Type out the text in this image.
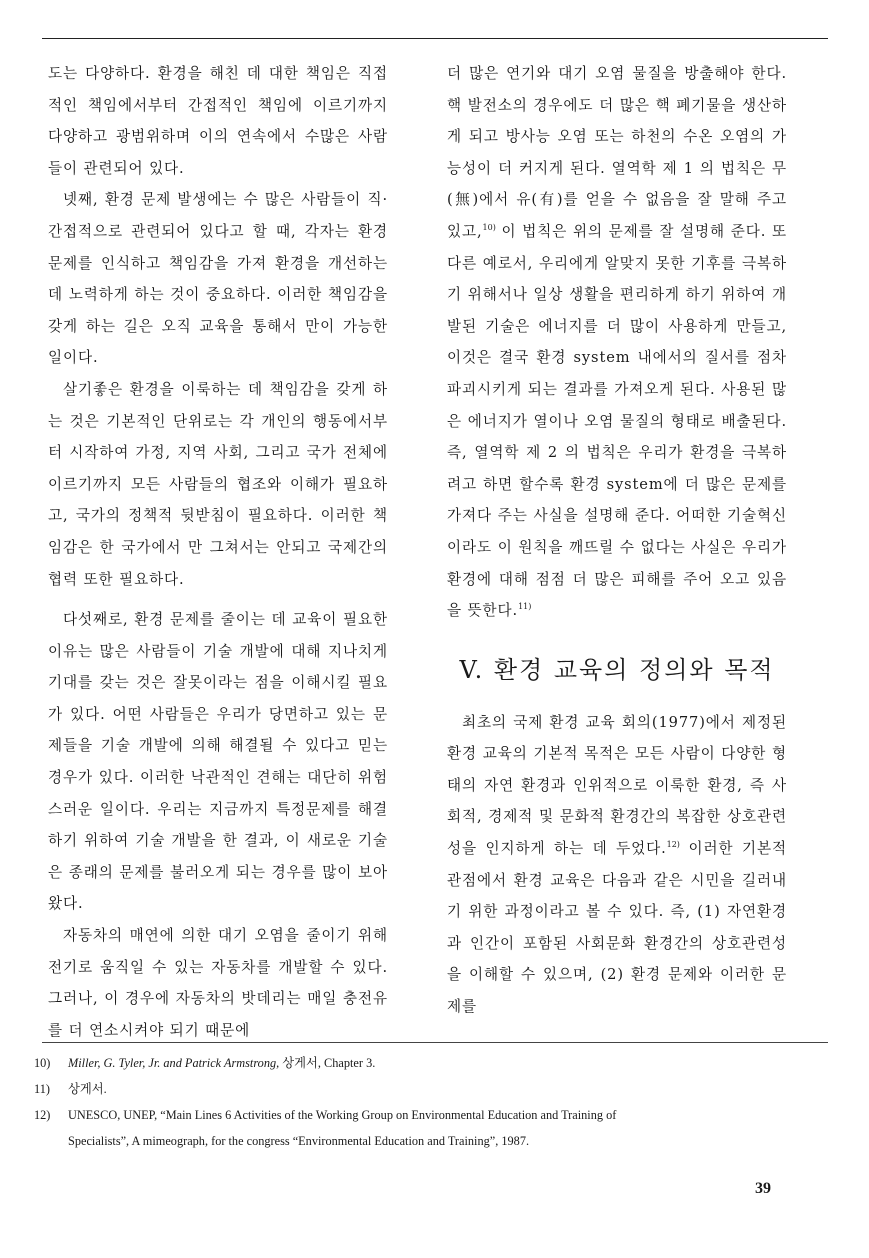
도는 다양하다. 환경을 해친 데 대한 책임은 직접적인 책임에서부터 간접적인 책임에 이르기까지 다양하고 광범위하며 이의 연속에서 수많은 사람들이 관련되어 있다.

넷째, 환경 문제 발생에는 수 많은 사람들이 직·간접적으로 관련되어 있다고 할 때, 각자는 환경 문제를 인식하고 책임감을 가져 환경을 개선하는 데 노력하게 하는 것이 중요하다. 이러한 책임감을 갖게 하는 길은 오직 교육을 통해서 만이 가능한 일이다.

살기좋은 환경을 이룩하는 데 책임감을 갖게 하는 것은 기본적인 단위로는 각 개인의 행동에서부터 시작하여 가정, 지역 사회, 그리고 국가 전체에 이르기까지 모든 사람들의 협조와 이해가 필요하고, 국가의 정책적 뒷받침이 필요하다. 이러한 책임감은 한 국가에서 만 그쳐서는 안되고 국제간의 협력 또한 필요하다.

다섯째로, 환경 문제를 줄이는 데 교육이 필요한 이유는 많은 사람들이 기술 개발에 대해 지나치게 기대를 갖는 것은 잘못이라는 점을 이해시킬 필요가 있다. 어떤 사람들은 우리가 당면하고 있는 문제들을 기술 개발에 의해 해결될 수 있다고 믿는 경우가 있다. 이러한 낙관적인 견해는 대단히 위험스러운 일이다. 우리는 지금까지 특정문제를 해결하기 위하여 기술 개발을 한 결과, 이 새로운 기술은 종래의 문제를 불러오게 되는 경우를 많이 보아왔다.

자동차의 매연에 의한 대기 오염을 줄이기 위해 전기로 움직일 수 있는 자동차를 개발할 수 있다. 그러나, 이 경우에 자동차의 밧데리는 매일 충전유를 더 연소시켜야 되기 때문에

더 많은 연기와 대기 오염 물질을 방출해야 한다. 핵 발전소의 경우에도 더 많은 핵 폐기물을 생산하게 되고 방사능 오염 또는 하천의 수온 오염의 가능성이 더 커지게 된다. 열역학 제 1 의 법칙은 무(無)에서 유(有)를 얻을 수 없음을 잘 말해 주고 있고,$^{10)}$ 이 법칙은 위의 문제를 잘 설명해 준다. 또 다른 예로서, 우리에게 알맞지 못한 기후를 극복하기 위해서나 일상 생활을 편리하게 하기 위하여 개발된 기술은 에너지를 더 많이 사용하게 만들고, 이것은 결국 환경 system 내에서의 질서를 점차 파괴시키게 되는 결과를 가져오게 된다. 사용된 많은 에너지가 열이나 오염 물질의 형태로 배출된다. 즉, 열역학 제 2 의 법칙은 우리가 환경을 극복하려고 하면 할수록 환경 system에 더 많은 문제를 가져다 주는 사실을 설명해 준다. 어떠한 기술혁신이라도 이 원칙을 깨뜨릴 수 없다는 사실은 우리가 환경에 대해 점점 더 많은 피해를 주어 오고 있음을 뜻한다.$^{11)}$

V. 환경 교육의 정의와 목적

최초의 국제 환경 교육 회의(1977)에서 제정된 환경 교육의 기본적 목적은 모든 사람이 다양한 형태의 자연 환경과 인위적으로 이룩한 환경, 즉 사회적, 경제적 및 문화적 환경간의 복잡한 상호관련성을 인지하게 하는 데 두었다.$^{12)}$ 이러한 기본적 관점에서 환경 교육은 다음과 같은 시민을 길러내기 위한 과정이라고 볼 수 있다. 즉, (1) 자연환경과 인간이 포함된 사회문화 환경간의 상호관련성을 이해할 수 있으며, (2) 환경 문제와 이러한 문제를

10) Miller, G. Tyler, Jr. and Patrick Armstrong, 상게서, Chapter 3.

11) 상게서.

12) UNESCO, UNEP, “Main Lines 6 Activities of the Working Group on Environmental Education and Training of

Specialists”, A mimeograph, for the congress “Environmental Education and Training”, 1987.

39
